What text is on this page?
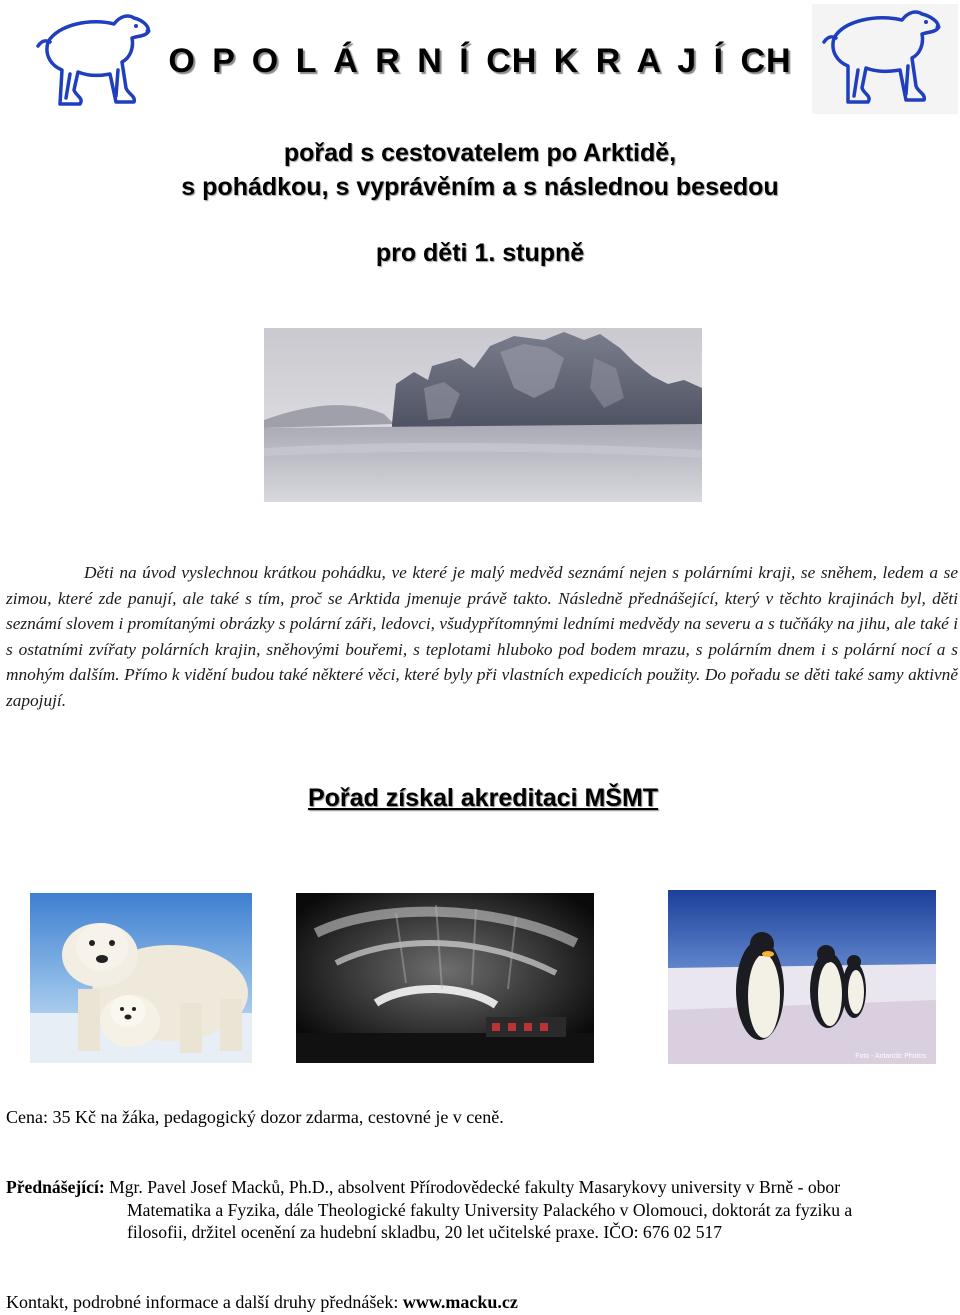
O P O L Á R N Í CH K R A J Í CH
pořad s cestovatelem po Arktidě,
s pohádkou, s vyprávěním a s následnou besedou
pro děti 1. stupně
Děti na úvod vyslechnou krátkou pohádku, ve které je malý medvěd seznámí nejen s polárními kraji, se sněhem, ledem a se zimou, které zde panují, ale také s tím, proč se Arktida jmenuje právě takto. Následně přednášející, který v těchto krajinách byl, děti seznámí slovem i promítanými obrázky s polární záři, ledovci, všudypřítomnými ledními medvědy na severu a s tučňáky na jihu, ale také i s ostatními zvířaty polárních krajin, sněhovými bouřemi, s teplotami hluboko pod bodem mrazu, s polárním dnem i s polární nocí a s mnohým dalším. Přímo k vidění budou také některé věci, které byly při vlastních expedicích použity. Do pořadu se děti také samy aktivně zapojují.
Pořad získal akreditaci MŠMT
Foto - Antarctic Photos
Cena: 35 Kč na žáka, pedagogický dozor zdarma, cestovné je v ceně.
Přednášející: Mgr. Pavel Josef Macků, Ph.D., absolvent Přírodovědecké fakulty Masarykovy university v Brně - obor
Matematika a Fyzika, dále Theologické fakulty University Palackého v Olomouci, doktorát za fyziku a
filosofii, držitel ocenění za hudební skladbu, 20 let učitelské praxe. IČO: 676 02 517
Kontakt, podrobné informace a další druhy přednášek: www.macku.cz
